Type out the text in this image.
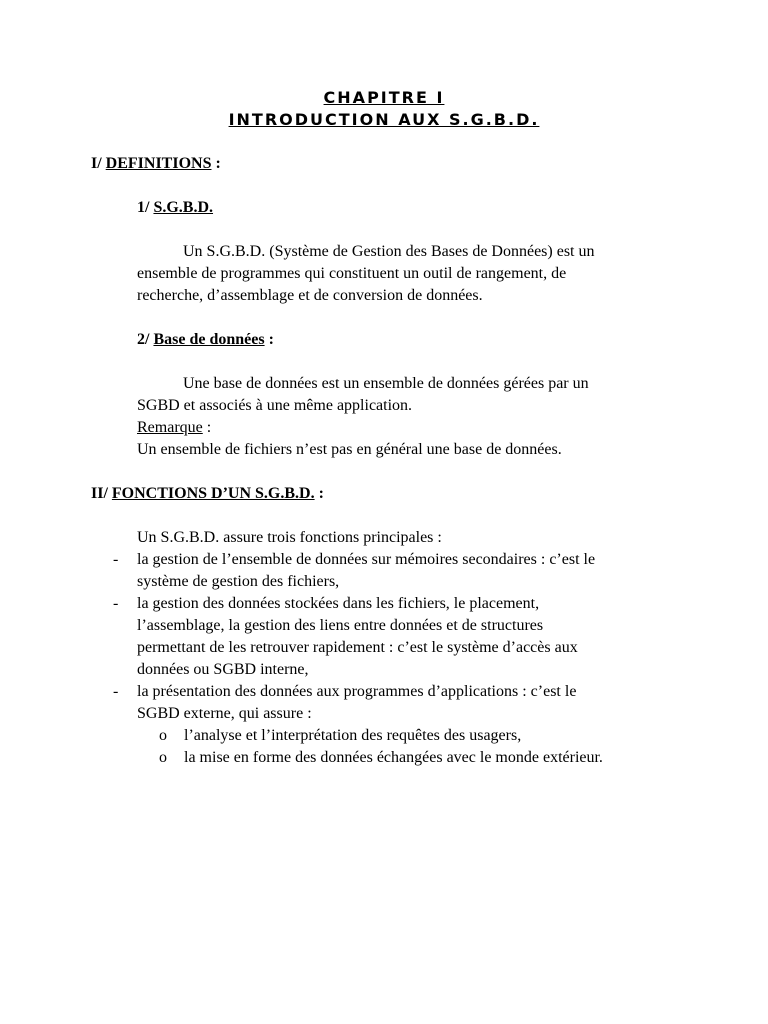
CHAPITRE I
INTRODUCTION AUX S.G.B.D.
I/ DEFINITIONS :
1/ S.G.B.D.
Un S.G.B.D. (Système de Gestion des Bases de Données) est un
ensemble de programmes qui constituent un outil de rangement, de
recherche, d’assemblage et de conversion de données.
2/ Base de données :
Une base de données est un ensemble de données gérées par un
SGBD et associés à une même application.
Remarque :
Un ensemble de fichiers n’est pas en général une base de données.
II/ FONCTIONS D’UN S.G.B.D. :
Un S.G.B.D. assure trois fonctions principales :
- la gestion de l’ensemble de données sur mémoires secondaires : c’est le
système de gestion des fichiers,
- la gestion des données stockées dans les fichiers, le placement,
l’assemblage, la gestion des liens entre données et de structures
permettant de les retrouver rapidement : c’est le système d’accès aux
données ou SGBD interne,
- la présentation des données aux programmes d’applications : c’est le
SGBD externe, qui assure :
o l’analyse et l’interprétation des requêtes des usagers,
o la mise en forme des données échangées avec le monde extérieur.
